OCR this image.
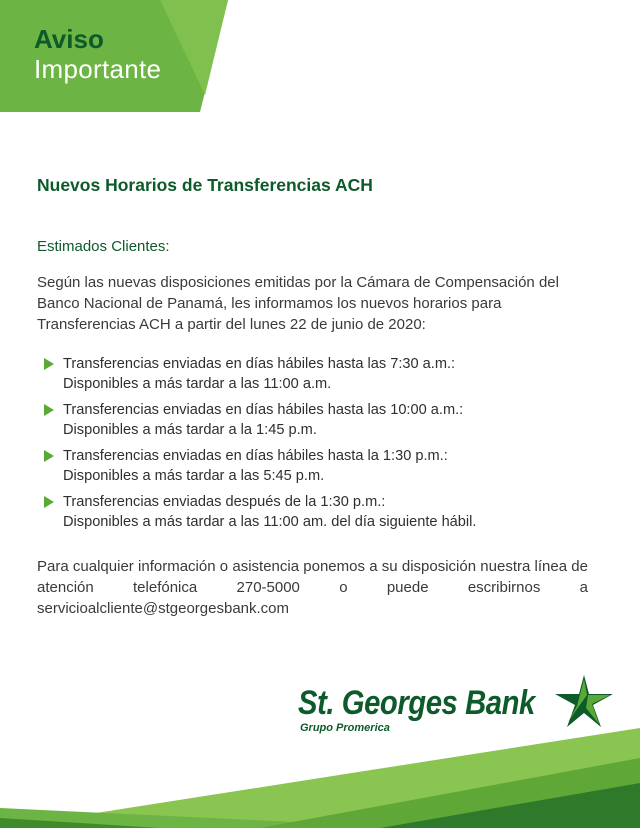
Aviso
Importante
Nuevos Horarios de Transferencias ACH
Estimados Clientes:
Según las nuevas disposiciones emitidas por la Cámara de Compensación del Banco Nacional de Panamá, les informamos los nuevos horarios para Transferencias ACH a partir del lunes 22 de junio de 2020:
Transferencias enviadas en días hábiles hasta las 7:30 a.m.:
Disponibles a más tardar a las 11:00 a.m.
Transferencias enviadas en días hábiles hasta las 10:00 a.m.:
Disponibles a más tardar a la 1:45 p.m.
Transferencias enviadas en días hábiles hasta la 1:30 p.m.:
Disponibles a más tardar a las 5:45 p.m.
Transferencias enviadas después de la 1:30 p.m.:
Disponibles a más tardar a las 11:00 am. del día siguiente hábil.
Para cualquier información o asistencia ponemos a su disposición nuestra línea de atención telefónica 270-5000 o puede escribirnos a servicioalcliente@stgeorgesbank.com
St. Georges Bank
Grupo Promerica
